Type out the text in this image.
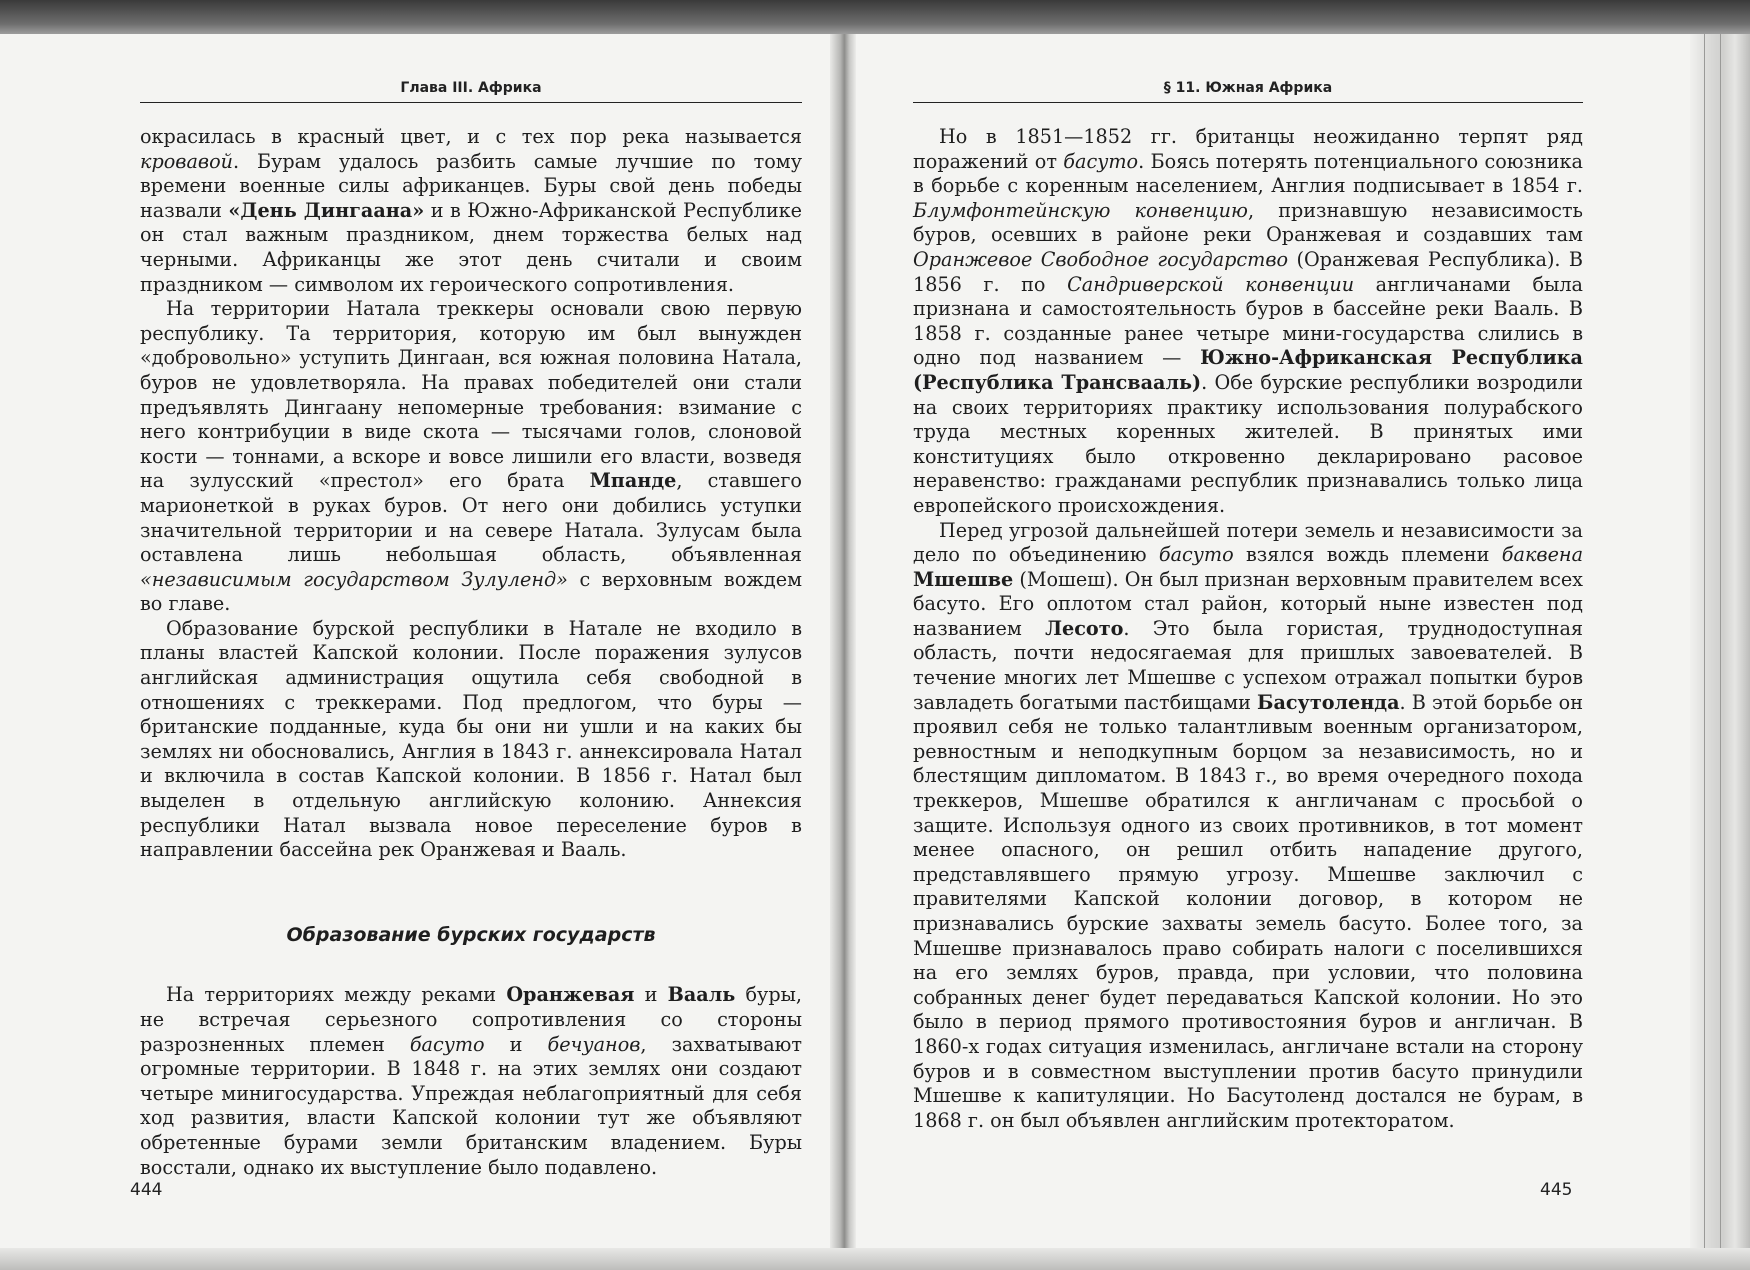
Глава III. Африка

окрасилась в красный цвет, и с тех пор река называется кровавой. Бурам удалось разбить самые лучшие по тому времени военные силы африканцев. Буры свой день победы назвали «День Дингаана» и в Южно-Африканской Республике он стал важным праздником, днем торжества белых над черными. Африканцы же этот день считали и своим праздником — символом их героического сопротивления.

На территории Натала треккеры основали свою первую республику. Та территория, которую им был вынужден «добровольно» уступить Дингаан, вся южная половина Натала, буров не удовлетворяла. На правах победителей они стали предъявлять Дингаану непомерные требования: взимание с него контрибуции в виде скота — тысячами голов, слоновой кости — тоннами, а вскоре и вовсе лишили его власти, возведя на зулусский «престол» его брата Мпанде, ставшего марионеткой в руках буров. От него они добились уступки значительной территории и на севере Натала. Зулусам была оставлена лишь небольшая область, объявленная «независимым государством Зулуленд» с верховным вождем во главе.

Образование бурской республики в Натале не входило в планы властей Капской колонии. После поражения зулусов английская администрация ощутила себя свободной в отношениях с треккерами. Под предлогом, что буры — британские подданные, куда бы они ни ушли и на каких бы землях ни обосновались, Англия в 1843 г. аннексировала Натал и включила в состав Капской колонии. В 1856 г. Натал был выделен в отдельную английскую колонию. Аннексия республики Натал вызвала новое переселение буров в направлении бассейна рек Оранжевая и Вааль.

Образование бурских государств

На территориях между реками Оранжевая и Вааль буры, не встречая серьезного сопротивления со стороны разрозненных племен басуто и бечуанов, захватывают огромные территории. В 1848 г. на этих землях они создают четыре минигосударства. Упреждая неблагоприятный для себя ход развития, власти Капской колонии тут же объявляют обретенные бурами земли британским владением. Буры восстали, однако их выступление было подавлено.

§ 11. Южная Африка

Но в 1851—1852 гг. британцы неожиданно терпят ряд поражений от басуто. Боясь потерять потенциального союзника в борьбе с коренным населением, Англия подписывает в 1854 г. Блумфонтейнскую конвенцию, признавшую независимость буров, осевших в районе реки Оранжевая и создавших там Оранжевое Свободное государство (Оранжевая Республика). В 1856 г. по Сандриверской конвенции англичанами была признана и самостоятельность буров в бассейне реки Вааль. В 1858 г. созданные ранее четыре мини-государства слились в одно под названием — Южно-Африканская Республика (Республика Трансвааль). Обе бурские республики возродили на своих территориях практику использования полурабского труда местных коренных жителей. В принятых ими конституциях было откровенно декларировано расовое неравенство: гражданами республик признавались только лица европейского происхождения.

Перед угрозой дальнейшей потери земель и независимости за дело по объединению басуто взялся вождь племени баквена Мшешве (Мошеш). Он был признан верховным правителем всех басуто. Его оплотом стал район, который ныне известен под названием Лесото. Это была гористая, труднодоступная область, почти недосягаемая для пришлых завоевателей. В течение многих лет Мшешве с успехом отражал попытки буров завладеть богатыми пастбищами Басутоленда. В этой борьбе он проявил себя не только талантливым военным организатором, ревностным и неподкупным борцом за независимость, но и блестящим дипломатом. В 1843 г., во время очередного похода треккеров, Мшешве обратился к англичанам с просьбой о защите. Используя одного из своих противников, в тот момент менее опасного, он решил отбить нападение другого, представлявшего прямую угрозу. Мшешве заключил с правителями Капской колонии договор, в котором не признавались бурские захваты земель басуто. Более того, за Мшешве признавалось право собирать налоги с поселившихся на его землях буров, правда, при условии, что половина собранных денег будет передаваться Капской колонии. Но это было в период прямого противостояния буров и англичан. В 1860-х годах ситуация изменилась, англичане встали на сторону буров и в совместном выступлении против басуто принудили Мшешве к капитуляции. Но Басутоленд достался не бурам, в 1868 г. он был объявлен английским протекторатом.

444	445
